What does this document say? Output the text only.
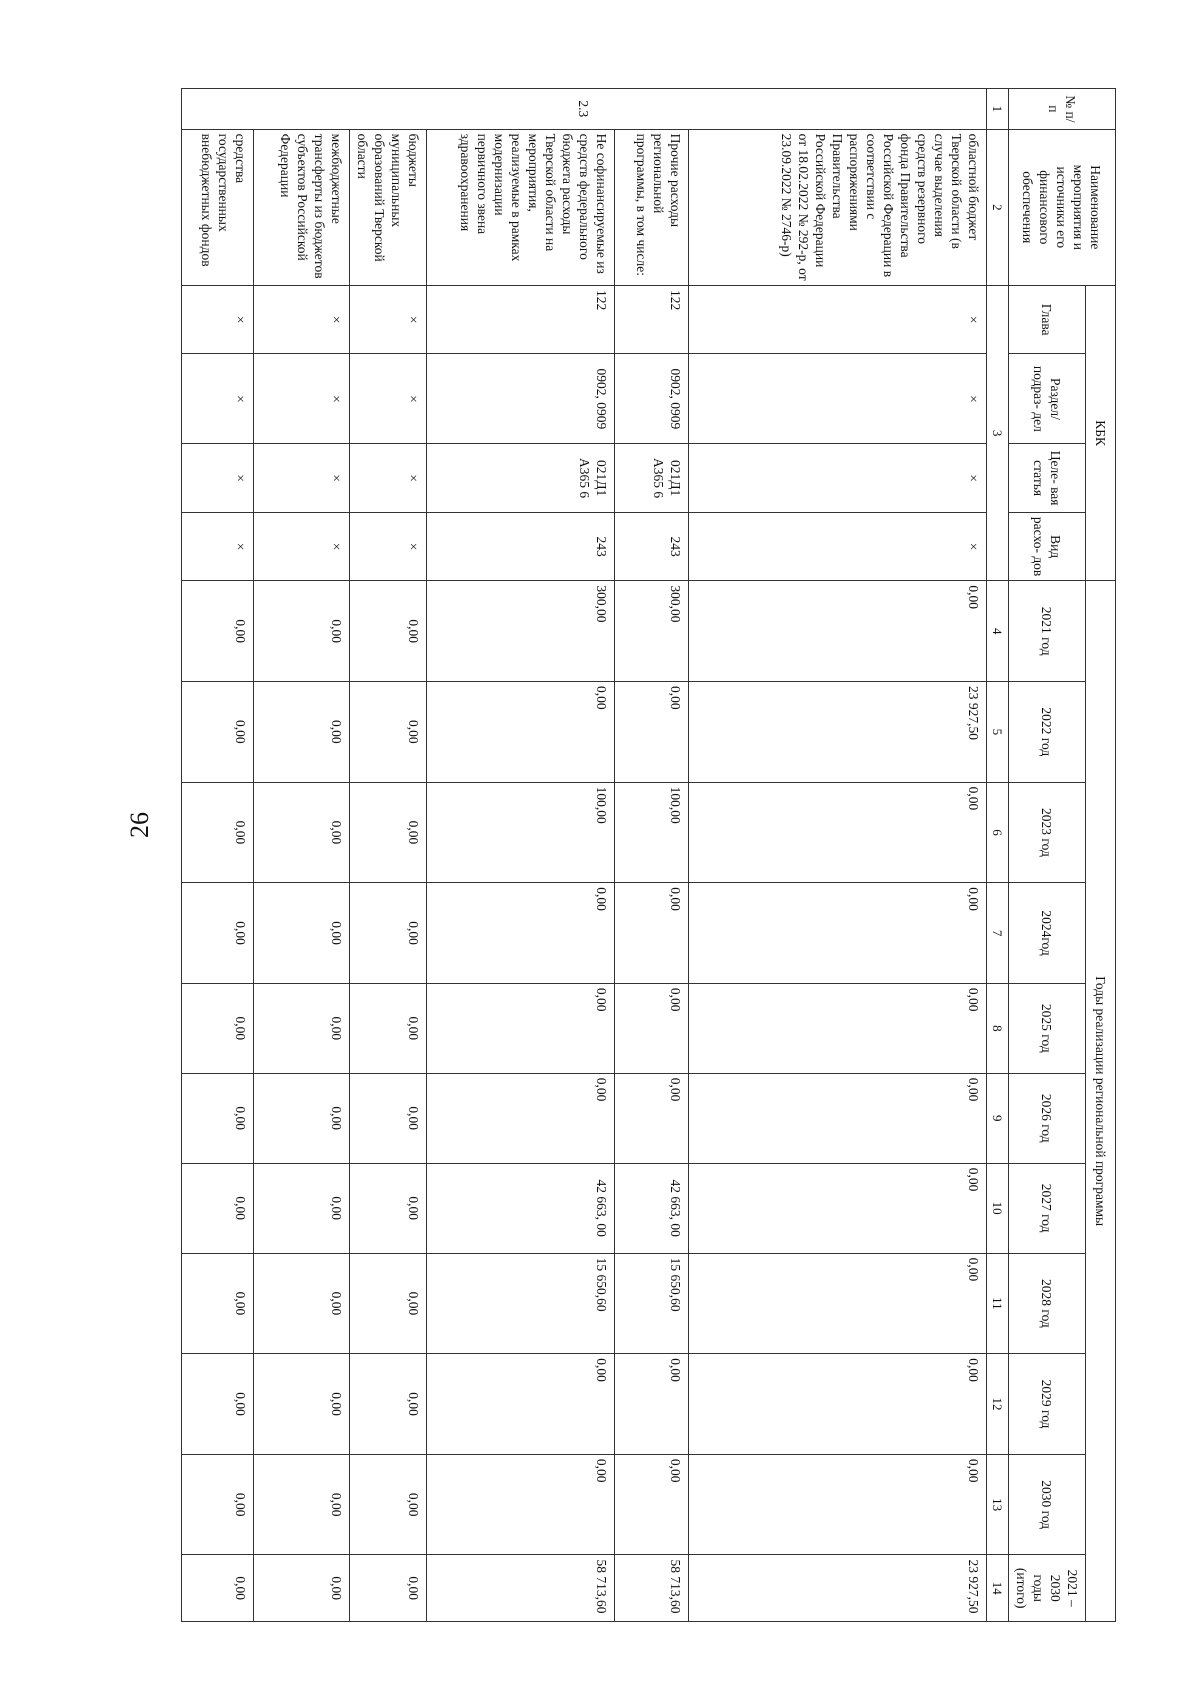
26
№ п/п	Наименование мероприятия и источники его финансового обеспечения	КБК				Годы реализации региональной программы										
		Глава	Раздел/ подраз- дел	Целе- вая статья	Вид расхо- дов	2021 год	2022 год	2023 год	2024год	2025 год	2026 год	2027 год	2028 год	2029 год	2030 год	2021 – 2030 годы (итого)
1	2	3				4	5	6	7	8	9	10	11	12	13	14
2.3	областной бюджет Тверской области (в случае выделения средств резервного фонда Правительства Российской Федерации в соответствии с распоряжениями Правительства Российской Федерации от 18.02.2022 № 292-р, от 23.09.2022 № 2746-р)	×	×	×	×	0,00	23 927,50	0,00	0,00	0,00	0,00	0,00	0,00	0,00	0,00	23 927,50
	Прочие расходы региональной программы, в том числе:	122	0902, 0909	021Д1 А365 6	243	300,00	0,00	100,00	0,00	0,00	0,00	42 663, 00	15 650,60	0,00	0,00	58 713,60
	Не софинансируемые из средств федерального бюджета расходы Тверской области на мероприятия, реализуемые в рамках модернизации первичного звена здравоохранения	122	0902, 0909	021Д1 А365 6	243	300,00	0,00	100,00	0,00	0,00	0,00	42 663, 00	15 650,60	0,00	0,00	58 713,60
	бюджеты муниципальных образований Тверской области	×	×	×	×	0,00	0,00	0,00	0,00	0,00	0,00	0,00	0,00	0,00	0,00	0,00
	межбюджетные трансферты из бюджетов субъектов Российской Федерации	×	×	×	×	0,00	0,00	0,00	0,00	0,00	0,00	0,00	0,00	0,00	0,00	0,00
	средства государственных внебюджетных фондов	×	×	×	×	0,00	0,00	0,00	0,00	0,00	0,00	0,00	0,00	0,00	0,00	0,00
